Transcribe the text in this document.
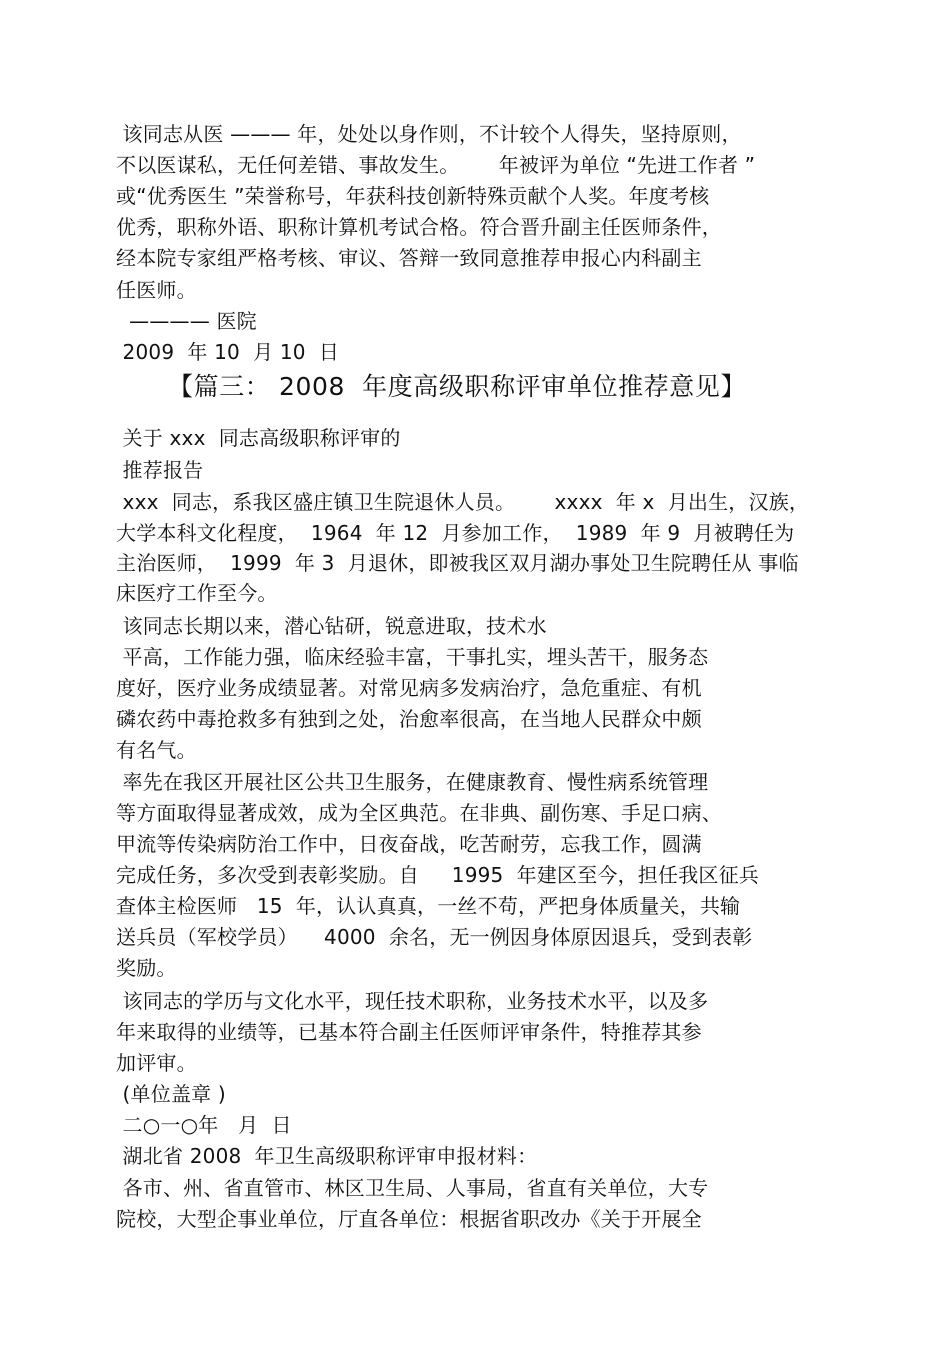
该同志从医 ——— 年，处处以身作则，不计较个人得失，坚持原则，
不以医谋私，无任何差错、事故发生。      年被评为单位 “先进工作者 ”
或“优秀医生 ”荣誉称号，年获科技创新特殊贡献个人奖。年度考核
优秀，职称外语、职称计算机考试合格。符合晋升副主任医师条件，
经本院专家组严格考核、审议、答辩一致同意推荐申报心内科副主
任医师。
———— 医院
2009  年 10  月 10  日
【篇三： 2008  年度高级职称评审单位推荐意见】
关于 xxx  同志高级职称评审的
推荐报告
xxx  同志，系我区盛庄镇卫生院退休人员。      xxxx  年 x  月出生，汉族，
大学本科文化程度，  1964  年 12  月参加工作，  1989  年 9  月被聘任为
主治医师，  1999  年 3  月退休，即被我区双月湖办事处卫生院聘任从 事临
床医疗工作至今。
该同志长期以来，潜心钻研，锐意进取，技术水
平高，工作能力强，临床经验丰富，干事扎实，埋头苦干，服务态
度好，医疗业务成绩显著。对常见病多发病治疗，急危重症、有机
磷农药中毒抢救多有独到之处，治愈率很高，在当地人民群众中颇
有名气。
率先在我区开展社区公共卫生服务，在健康教育、慢性病系统管理
等方面取得显著成效，成为全区典范。在非典、副伤寒、手足口病、
甲流等传染病防治工作中，日夜奋战，吃苦耐劳，忘我工作，圆满
完成任务，多次受到表彰奖励。自     1995  年建区至今，担任我区征兵
查体主检医师   15  年，认认真真，一丝不苟，严把身体质量关，共输
送兵员（军校学员）    4000  余名，无一例因身体原因退兵，受到表彰
奖励。
该同志的学历与文化水平，现任技术职称，业务技术水平，以及多
年来取得的业绩等，已基本符合副主任医师评审条件，特推荐其参
加评审。
(单位盖章 )
二○一○年   月  日
湖北省 2008  年卫生高级职称评审申报材料：
各市、州、省直管市、林区卫生局、人事局，省直有关单位，大专
院校，大型企事业单位，厅直各单位：根据省职改办《关于开展全
